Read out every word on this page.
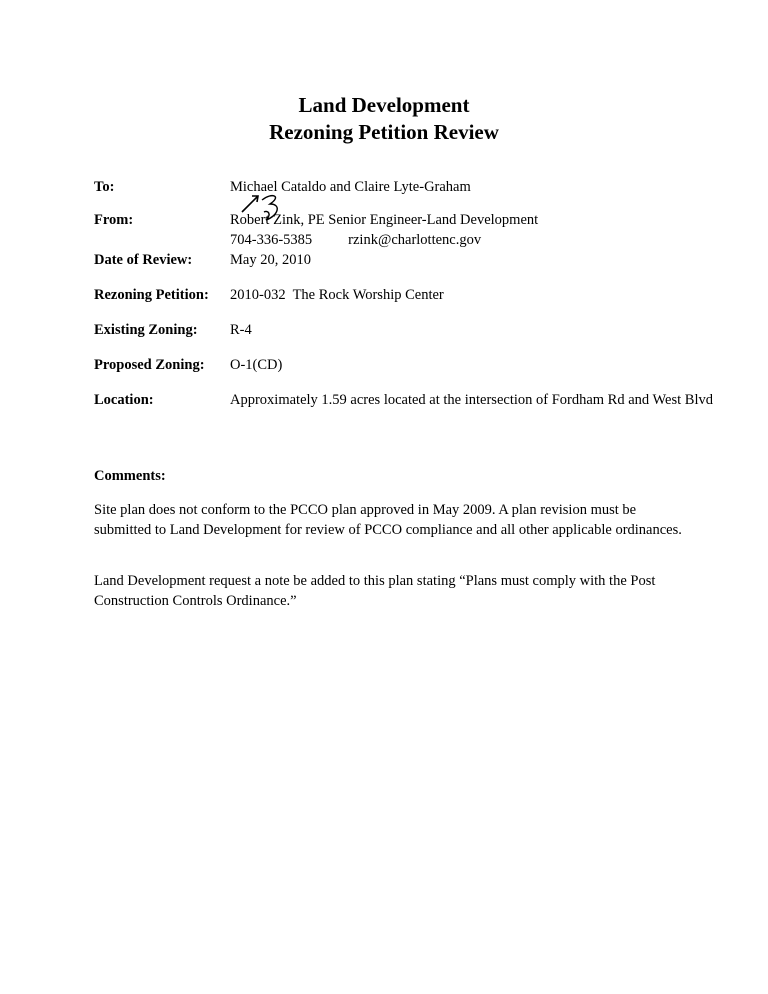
Land Development
Rezoning Petition Review
To:	Michael Cataldo and Claire Lyte-Graham
From:	Robert Zink, PE Senior Engineer-Land Development
704-336-5385 rzink@charlottenc.gov
Date of Review:	May 20, 2010
Rezoning Petition: 2010-032  The Rock Worship Center
Existing Zoning: R-4
Proposed Zoning: O-1(CD)
Location:	Approximately 1.59 acres located at the intersection of Fordham Rd and West Blvd
Comments:
Site plan does not conform to the PCCO plan approved in May 2009. A plan revision must be submitted to Land Development for review of PCCO compliance and all other applicable ordinances.
Land Development request a note be added to this plan stating “Plans must comply with the Post Construction Controls Ordinance.”
